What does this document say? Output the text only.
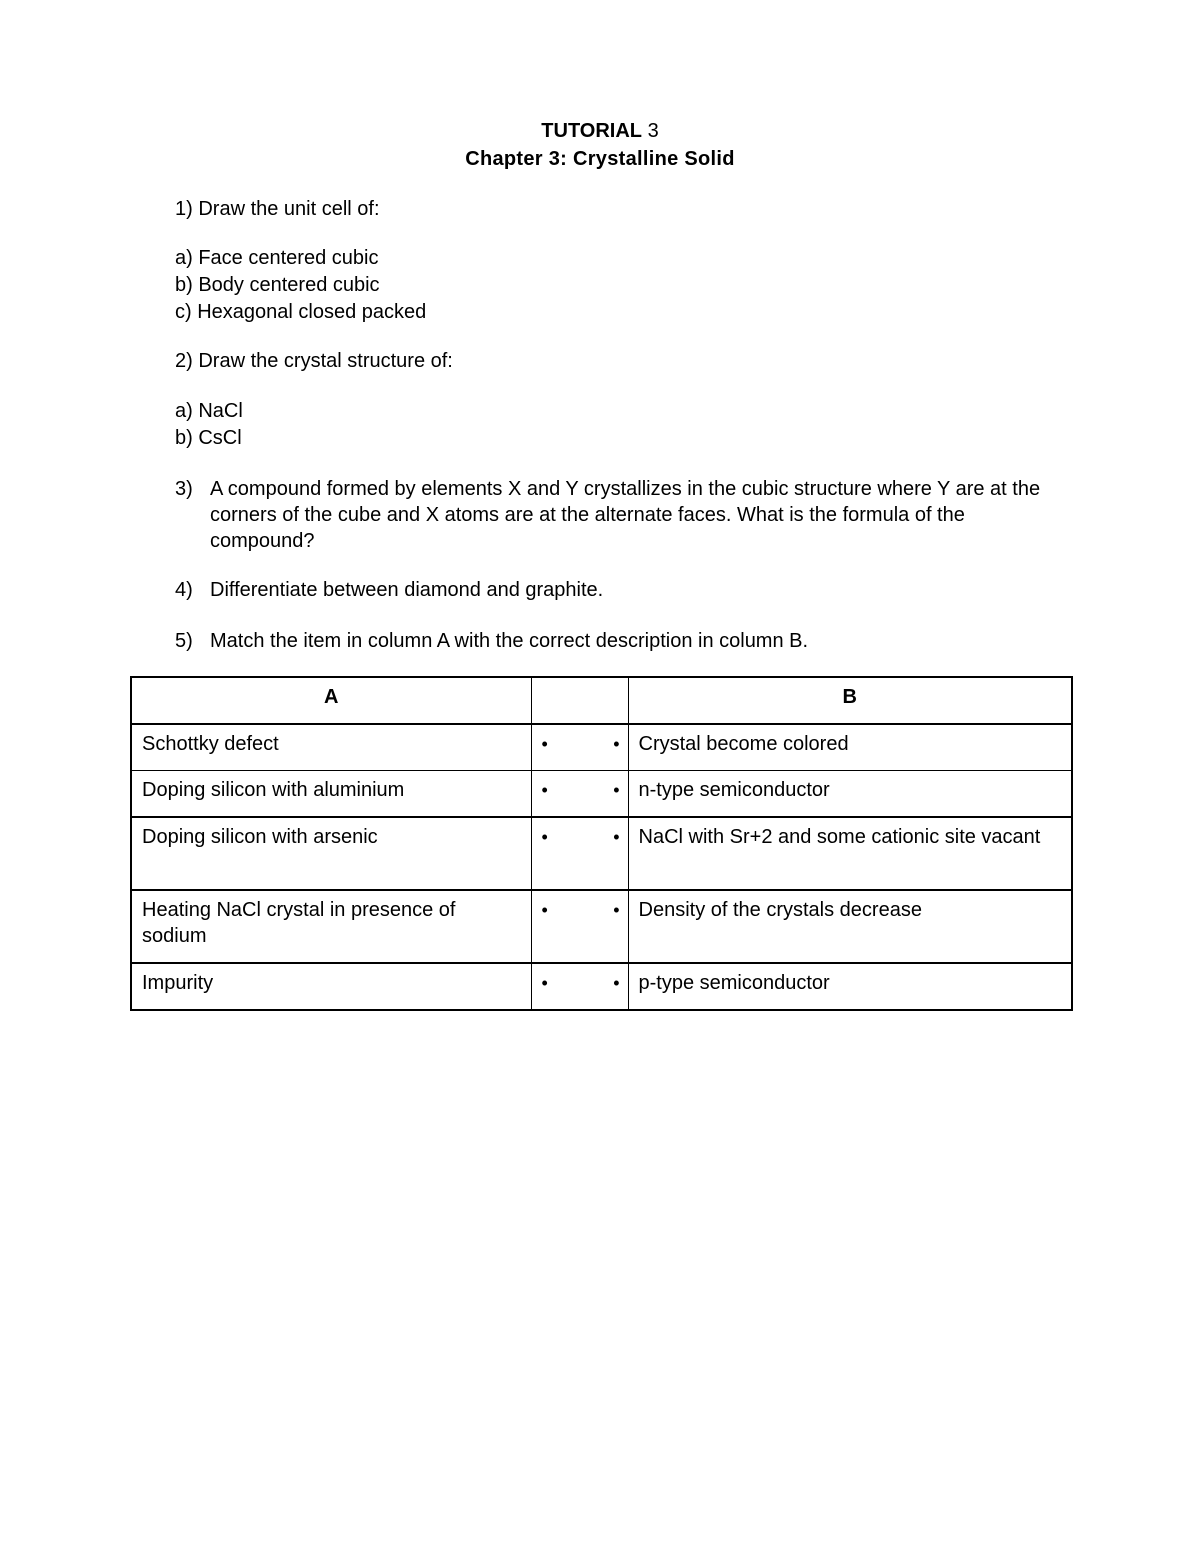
TUTORIAL 3
Chapter 3: Crystalline Solid
1) Draw the unit cell of:
a) Face centered cubic
b) Body centered cubic
c) Hexagonal closed packed
2) Draw the crystal structure of:
a) NaCl
b) CsCl
3) A compound formed by elements X and Y crystallizes in the cubic structure where Y are at the corners of the cube and X atoms are at the alternate faces. What is the formula of the compound?
4) Differentiate between diamond and graphite.
5) Match the item in column A with the correct description in column B.
A		B
Schottky defect	• •	Crystal become colored
Doping silicon with aluminium	• •	n-type semiconductor
Doping silicon with arsenic	• •	NaCl with Sr+2 and some cationic site vacant
Heating NaCl crystal in presence of sodium	• •	Density of the crystals decrease
Impurity	• •	p-type semiconductor
